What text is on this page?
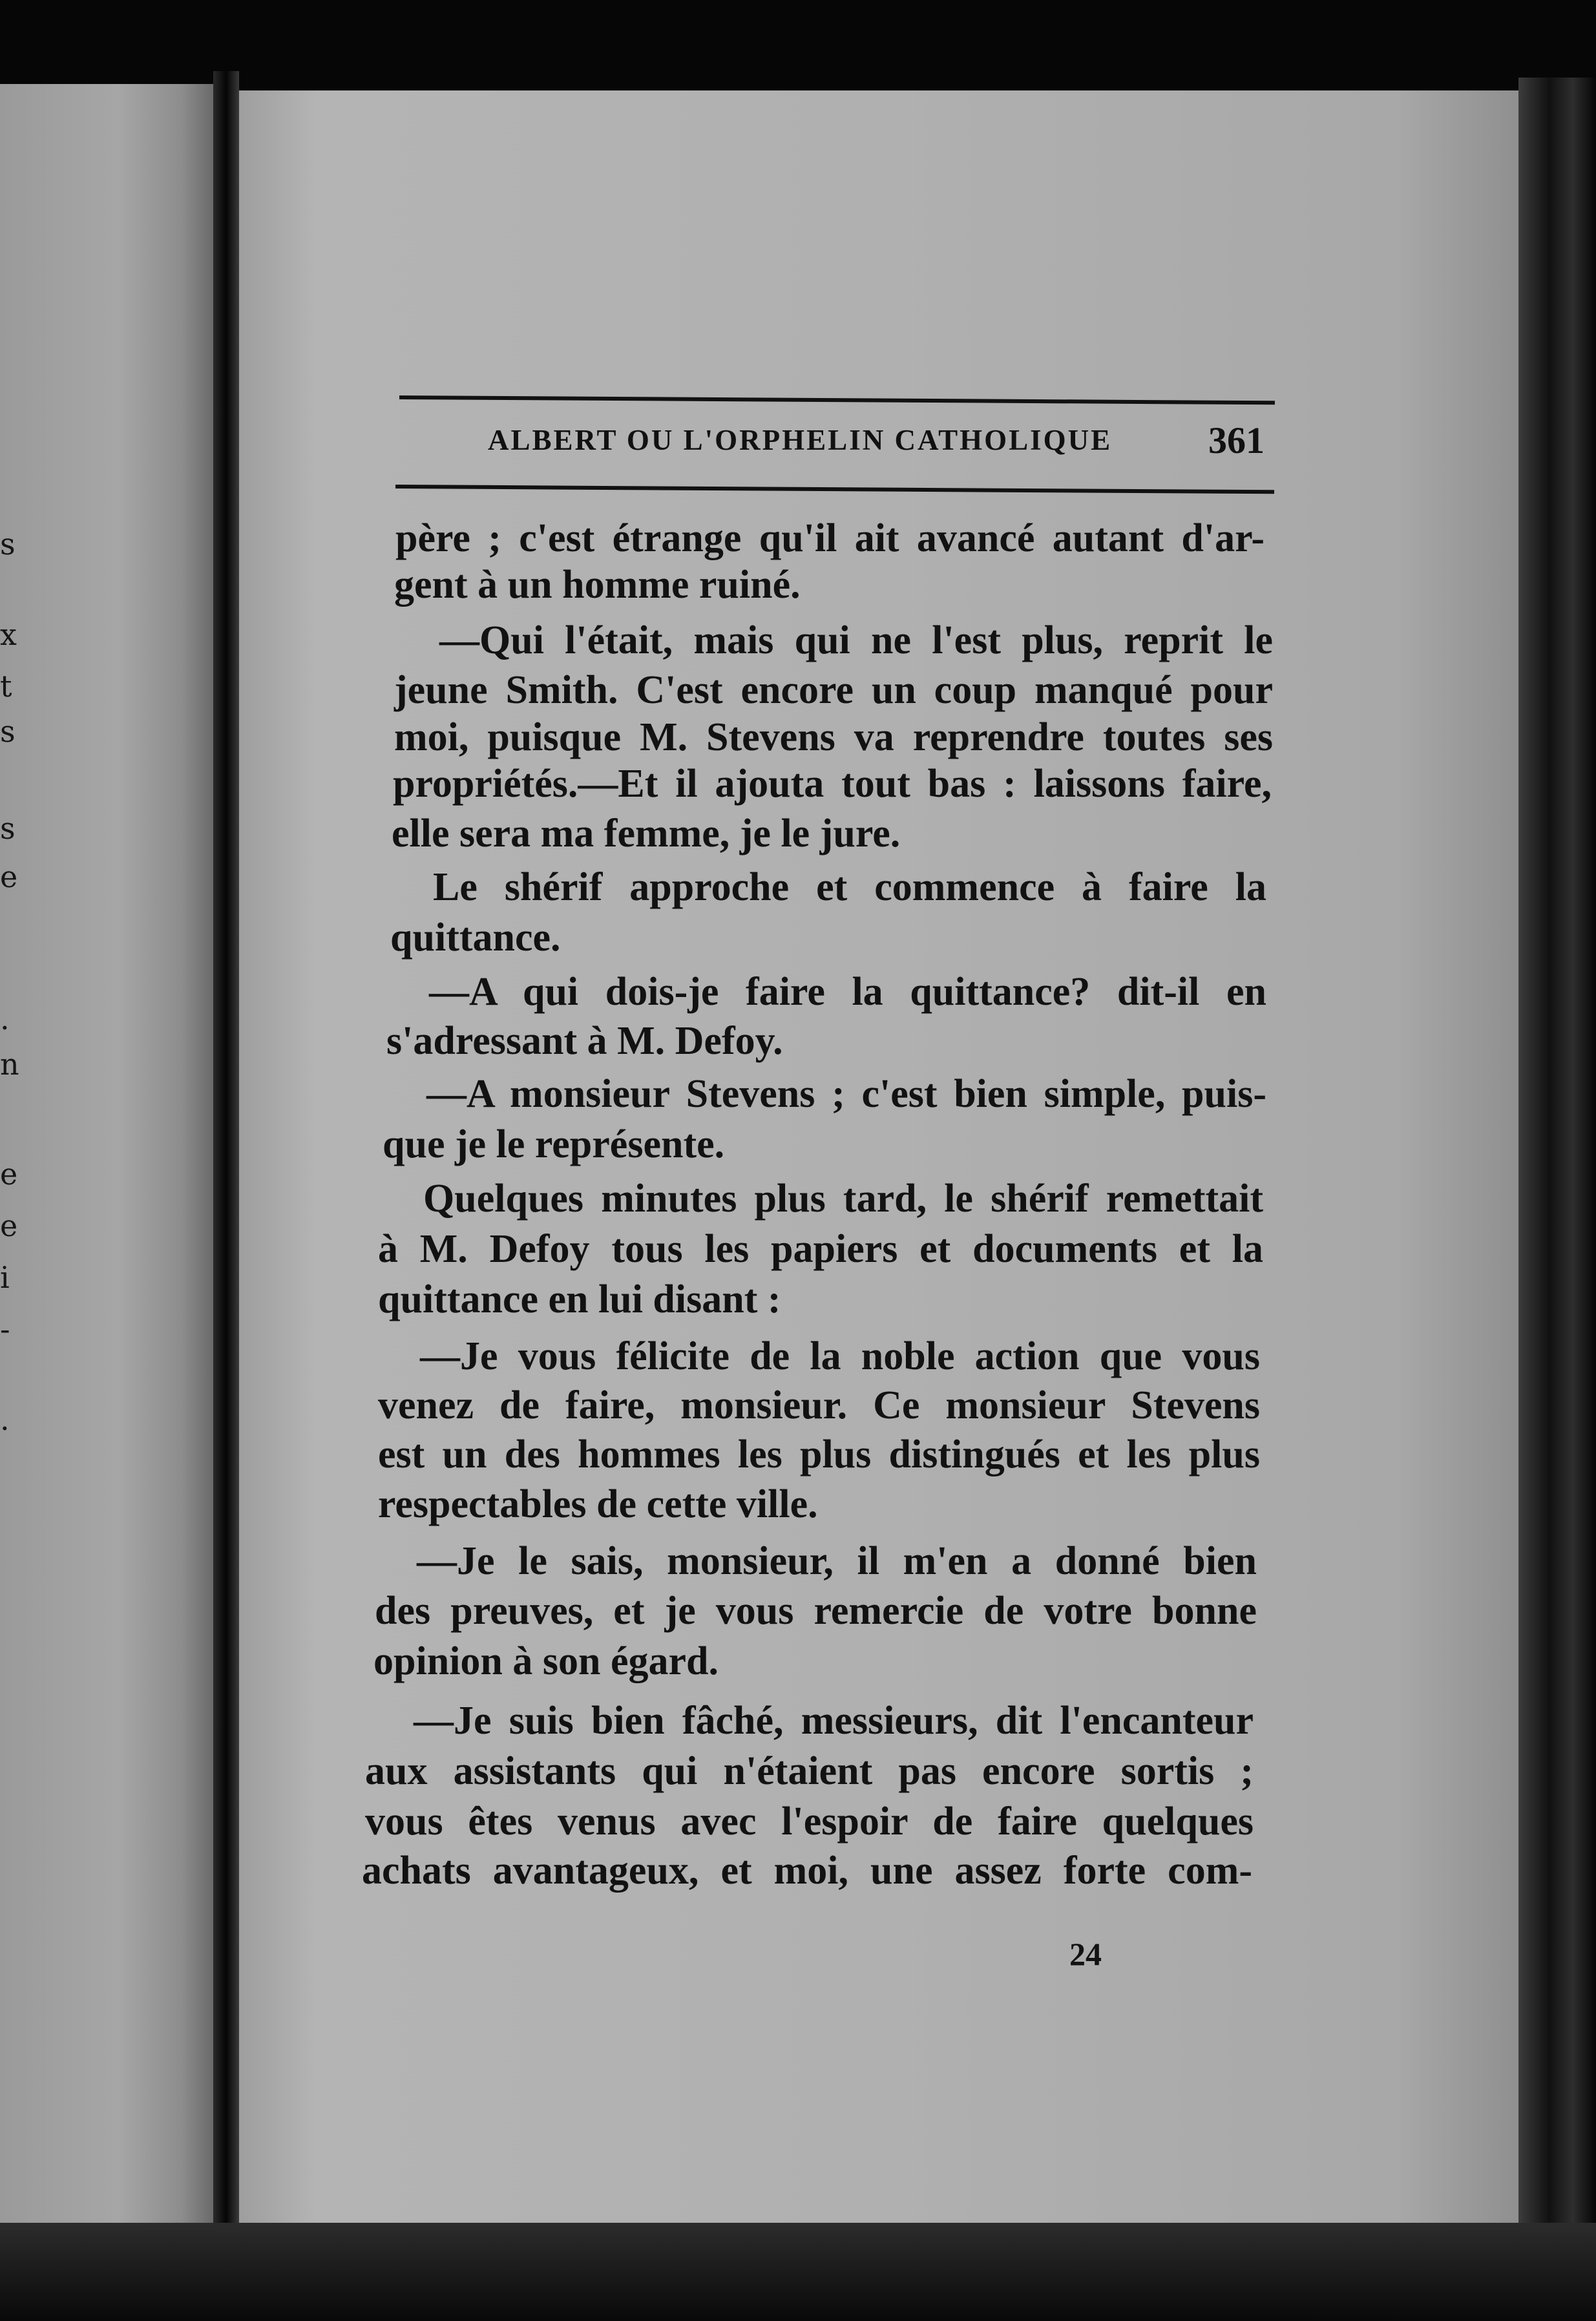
s
x
t
s
s
e
.
n
e
e
i
-
.
ALBERT OU L'ORPHELIN CATHOLIQUE	361
père ; c'est étrange qu'il ait avancé autant d'ar-
gent à un homme ruiné.
—Qui l'était, mais qui ne l'est plus, reprit le
jeune Smith. C'est encore un coup manqué pour
moi, puisque M. Stevens va reprendre toutes ses
propriétés.—Et il ajouta tout bas : laissons faire,
elle sera ma femme, je le jure.
Le shérif approche et commence à faire la
quittance.
—A qui dois-je faire la quittance? dit-il en
s'adressant à M. Defoy.
—A monsieur Stevens ; c'est bien simple, puis-
que je le représente.
Quelques minutes plus tard, le shérif remettait
à M. Defoy tous les papiers et documents et la
quittance en lui disant :
—Je vous félicite de la noble action que vous
venez de faire, monsieur. Ce monsieur Stevens
est un des hommes les plus distingués et les plus
respectables de cette ville.
—Je le sais, monsieur, il m'en a donné bien
des preuves, et je vous remercie de votre bonne
opinion à son égard.
—Je suis bien fâché, messieurs, dit l'encanteur
aux assistants qui n'étaient pas encore sortis ;
vous êtes venus avec l'espoir de faire quelques
achats avantageux, et moi, une assez forte com-
24
